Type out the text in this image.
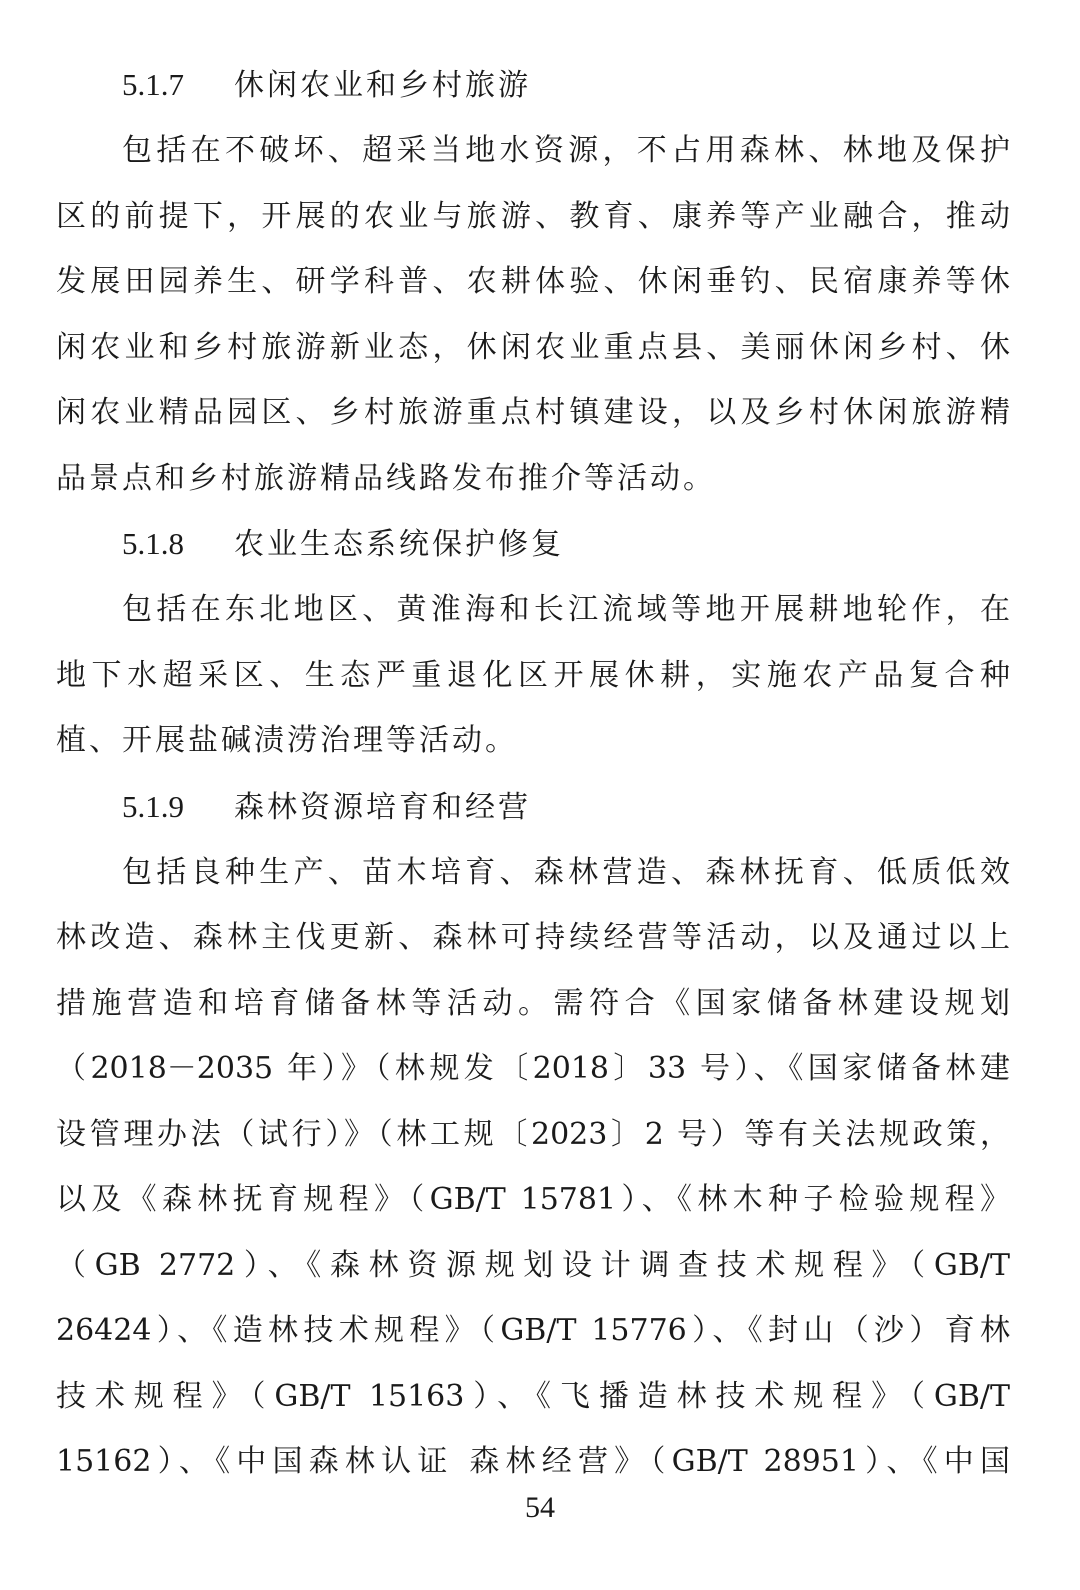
5.1.7 休闲农业和乡村旅游
包括在不破坏、超采当地水资源，不占用森林、林地及保护
区的前提下，开展的农业与旅游、教育、康养等产业融合，推动
发展田园养生、研学科普、农耕体验、休闲垂钓、民宿康养等休
闲农业和乡村旅游新业态，休闲农业重点县、美丽休闲乡村、休
闲农业精品园区、乡村旅游重点村镇建设，以及乡村休闲旅游精
品景点和乡村旅游精品线路发布推介等活动。
5.1.8 农业生态系统保护修复
包括在东北地区、黄淮海和长江流域等地开展耕地轮作，在
地下水超采区、生态严重退化区开展休耕，实施农产品复合种
植、开展盐碱渍涝治理等活动。
5.1.9 森林资源培育和经营
包括良种生产、苗木培育、森林营造、森林抚育、低质低效
林改造、森林主伐更新、森林可持续经营等活动，以及通过以上
措施营造和培育储备林等活动。需符合《国家储备林建设规划
（2018－2035 年）》（林规发〔2018〕33 号）、《国家储备林建
设管理办法（试行）》（林工规〔2023〕2 号）等有关法规政策，
以及《森林抚育规程》（GB/T 15781）、《林木种子检验规程》
（GB 2772）、《森林资源规划设计调查技术规程》（GB/T
26424）、《造林技术规程》（GB/T 15776）、《封山（沙）育林
技术规程》（GB/T 15163）、《飞播造林技术规程》（GB/T
15162）、《中国森林认证 森林经营》（GB/T 28951）、《中国
54
